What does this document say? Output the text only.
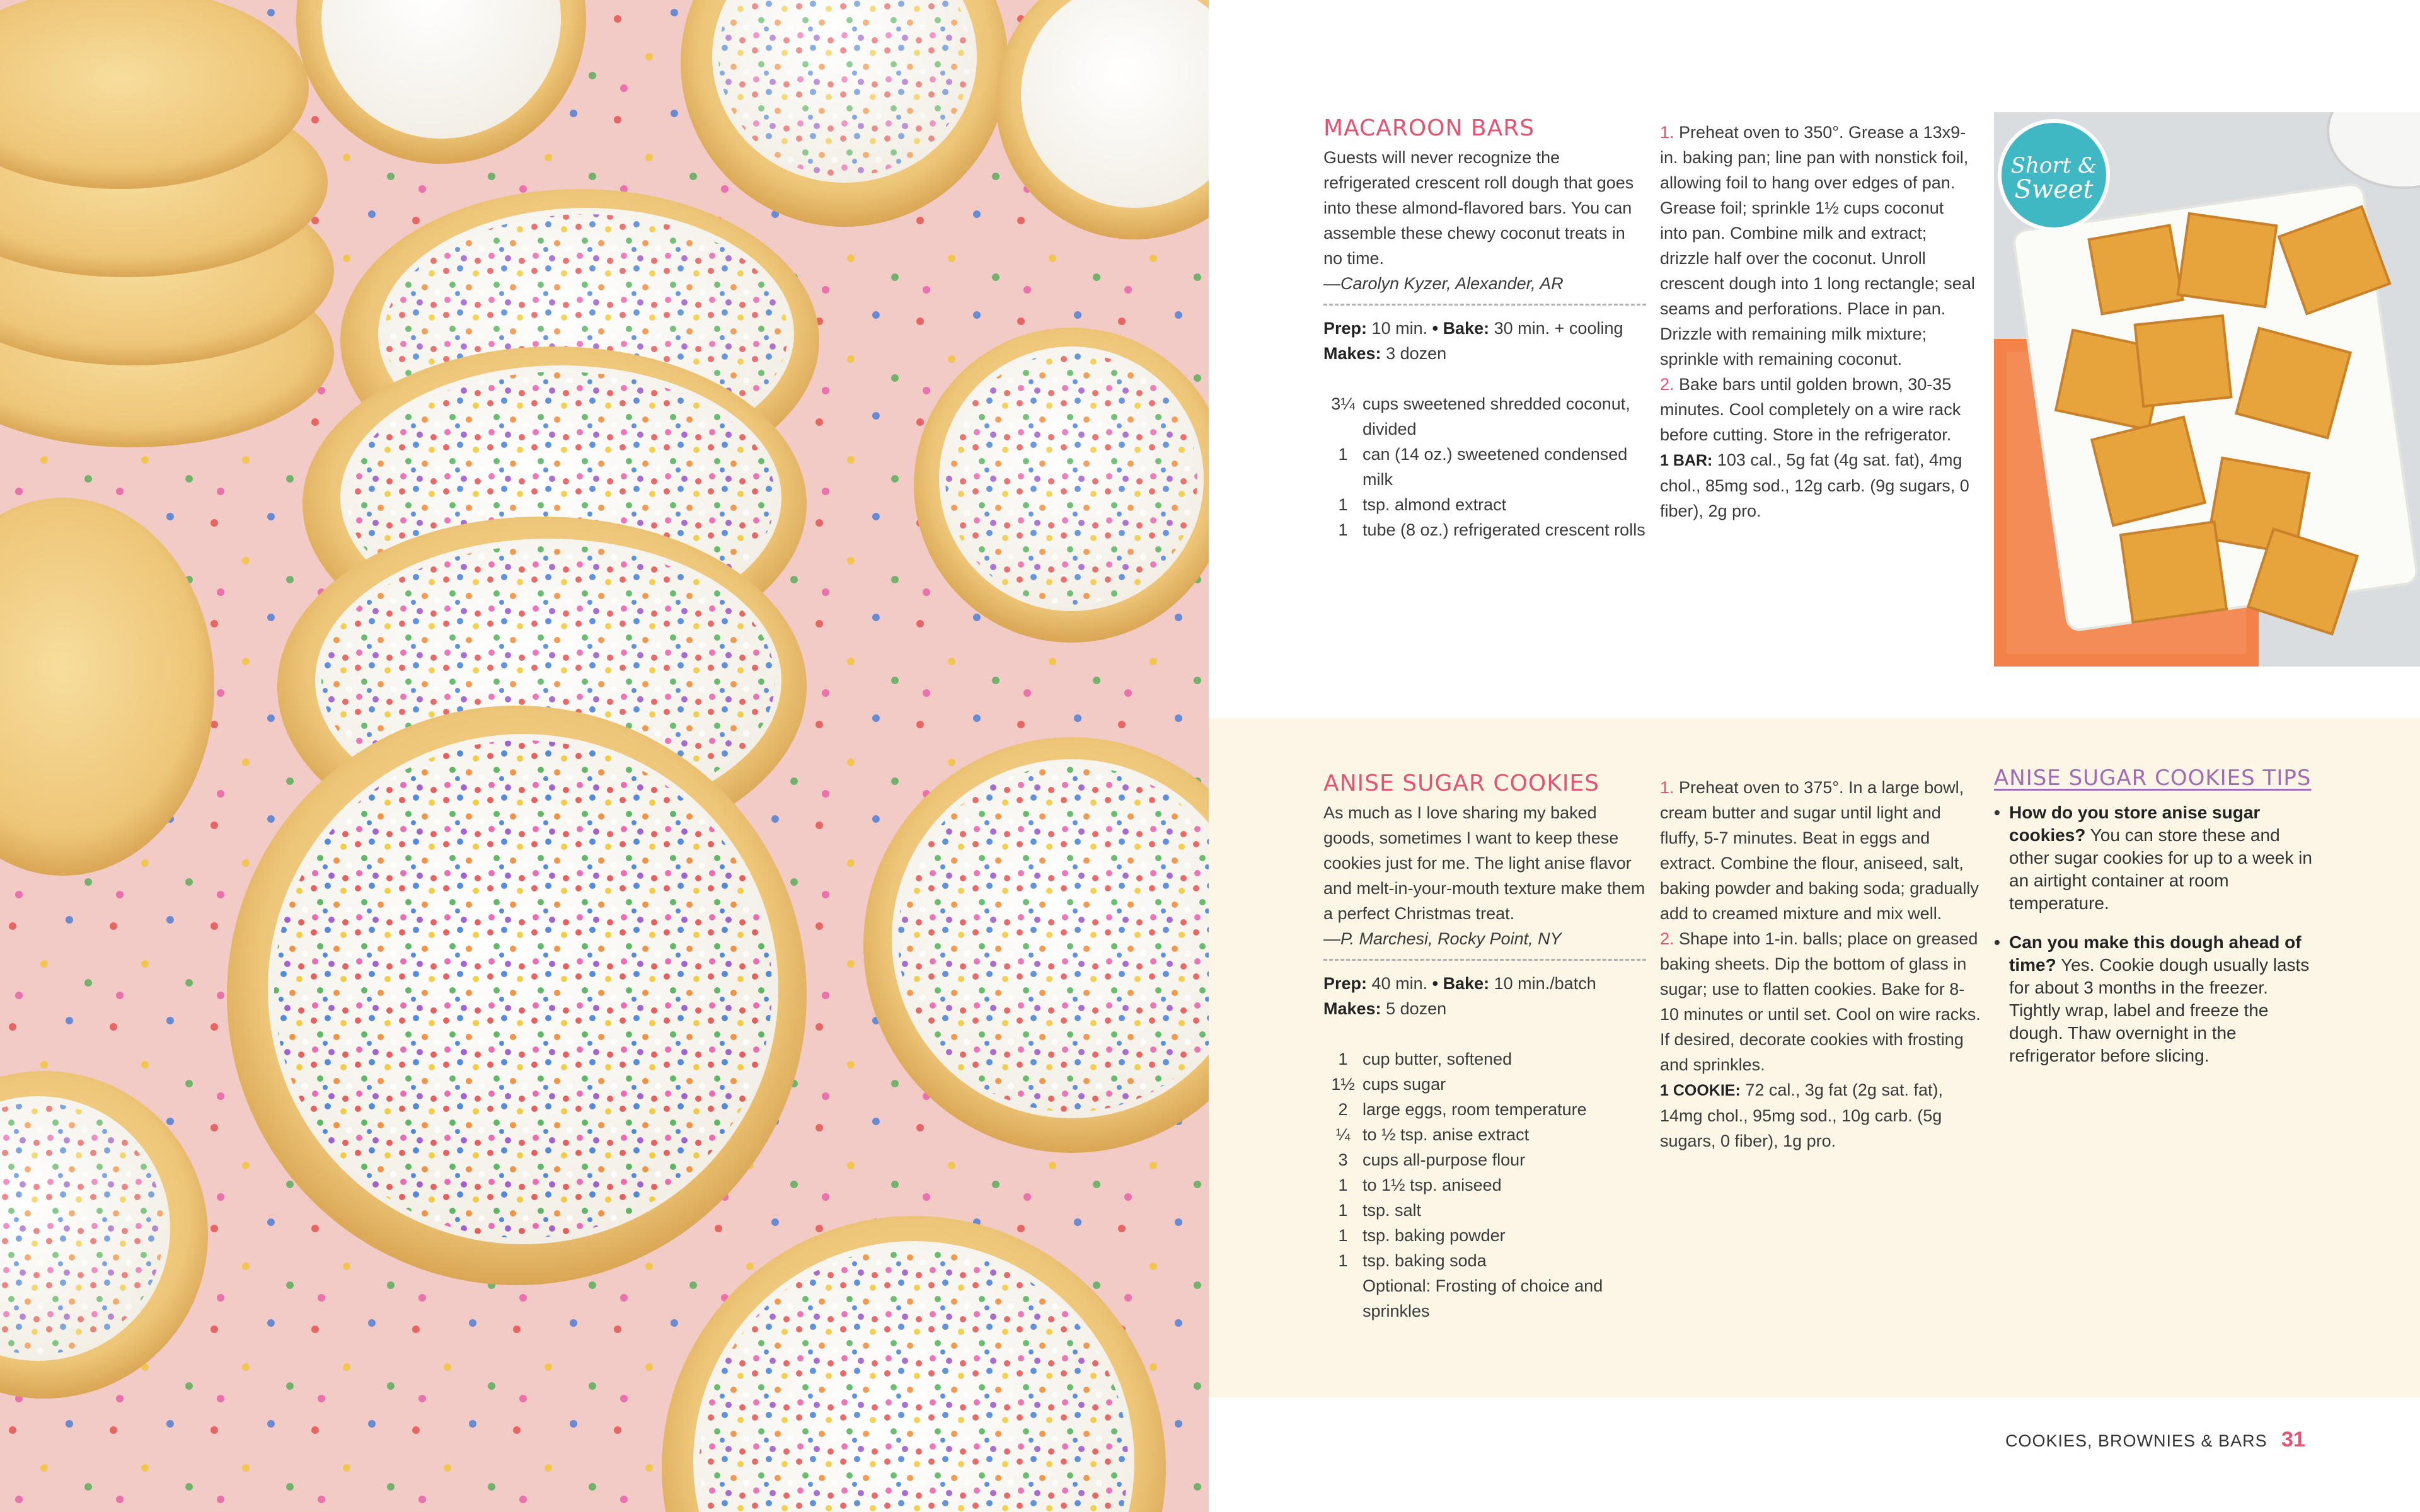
MACAROON BARS
Guests will never recognize the refrigerated crescent roll dough that goes into these almond-flavored bars. You can assemble these chewy coconut treats in no time.
—Carolyn Kyzer, Alexander, AR
Prep: 10 min. • Bake: 30 min. + cooling
Makes: 3 dozen
3¼ cups sweetened shredded coconut, divided
1 can (14 oz.) sweetened condensed milk
1 tsp. almond extract
1 tube (8 oz.) refrigerated crescent rolls
1. Preheat oven to 350°. Grease a 13x9-in. baking pan; line pan with nonstick foil, allowing foil to hang over edges of pan. Grease foil; sprinkle 1½ cups coconut into pan. Combine milk and extract; drizzle half over the coconut. Unroll crescent dough into 1 long rectangle; seal seams and perforations. Place in pan. Drizzle with remaining milk mixture; sprinkle with remaining coconut.
2. Bake bars until golden brown, 30-35 minutes. Cool completely on a wire rack before cutting. Store in the refrigerator.
1 BAR: 103 cal., 5g fat (4g sat. fat), 4mg chol., 85mg sod., 12g carb. (9g sugars, 0 fiber), 2g pro.
Short &
Sweet
ANISE SUGAR COOKIES
As much as I love sharing my baked goods, sometimes I want to keep these cookies just for me. The light anise flavor and melt-in-your-mouth texture make them a perfect Christmas treat.
—P. Marchesi, Rocky Point, NY
Prep: 40 min. • Bake: 10 min./batch
Makes: 5 dozen
1 cup butter, softened
1½ cups sugar
2 large eggs, room temperature
¼ to ½ tsp. anise extract
3 cups all-purpose flour
1 to 1½ tsp. aniseed
1 tsp. salt
1 tsp. baking powder
1 tsp. baking soda
Optional: Frosting of choice and sprinkles
1. Preheat oven to 375°. In a large bowl, cream butter and sugar until light and fluffy, 5-7 minutes. Beat in eggs and extract. Combine the flour, aniseed, salt, baking powder and baking soda; gradually add to creamed mixture and mix well.
2. Shape into 1-in. balls; place on greased baking sheets. Dip the bottom of glass in sugar; use to flatten cookies. Bake for 8-10 minutes or until set. Cool on wire racks. If desired, decorate cookies with frosting and sprinkles.
1 COOKIE: 72 cal., 3g fat (2g sat. fat), 14mg chol., 95mg sod., 10g carb. (5g sugars, 0 fiber), 1g pro.
ANISE SUGAR COOKIES TIPS
• How do you store anise sugar cookies? You can store these and other sugar cookies for up to a week in an airtight container at room temperature.
• Can you make this dough ahead of time? Yes. Cookie dough usually lasts for about 3 months in the freezer. Tightly wrap, label and freeze the dough. Thaw overnight in the refrigerator before slicing.
COOKIES, BROWNIES & BARS 31
